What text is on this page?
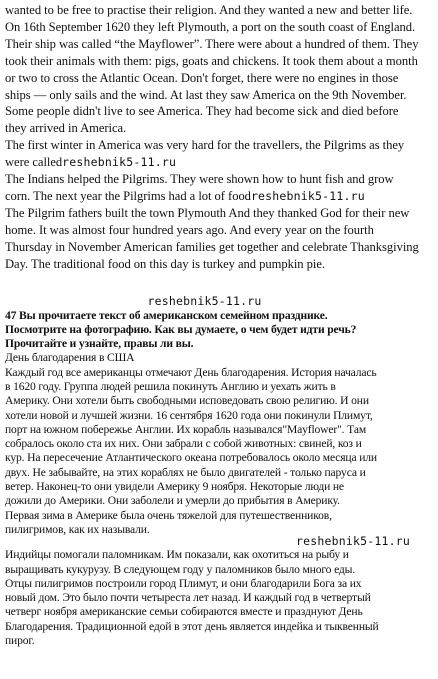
wanted to be free to practise their religion. And they wanted a new and better life.

On 16th September 1620 they left Plymouth, a port on the south coast of England.

Their ship was called “the Mayflower”. There were about a hundred of them. They

took their animals with them: pigs, goats and chickens. It took them about a month

or two to cross the Atlantic Ocean. Don't forget, there were no engines in those

ships — only sails and the wind. At last they saw America on the 9th November.

Some people didn't live to see America. They had become sick and died before

they arrived in America.

The first winter in America was very hard for the travellers, the Pilgrims as they

were calledreshebnik5-11.ru

The Indians helped the Pilgrims. They were shown how to hunt fish and grow

corn. The next year the Pilgrims had a lot of foodreshebnik5-11.ru

The Pilgrim fathers built the town Plymouth And they thanked God for their new

home. It was almost four hundred years ago. And every year on the fourth

Thursday in November American families get together and celebrate Thanksgiving

Day. The traditional food on this day is turkey and pumpkin pie.

reshebnik5-11.ru

47 Вы прочитаете текст об американском семейном празднике.

Посмотрите на фотографию. Как вы думаете, о чем будет идти речь?

Прочитайте и узнайте, правы ли вы.

День благодарения в США

Каждый год все американцы отмечают День благодарения. История началась

в 1620 году. Группа людей решила покинуть Англию и уехать жить в

Америку. Они хотели быть свободными исповедовать свою религию. И они

хотели новой и лучшей жизни. 16 сентября 1620 года они покинули Плимут,

порт на южном побережье Англии. Их корабль назывался"Mayflower". Там

собралось около ста их них. Они забрали с собой животных: свиней, коз и

кур. На пересечение Атлантического океана потребовалось около месяца или

двух. Не забывайте, на этих кораблях не было двигателей - только паруса и

ветер. Наконец-то они увидели Америку 9 ноября. Некоторые люди не

дожили до Америки. Они заболели и умерли до прибытия в Америку.

Первая зима в Америке была очень тяжелой для путешественников,

пилигримов, как их называли.

reshebnik5-11.ru

Индийцы помогали паломникам. Им показали, как охотиться на рыбу и

выращивать кукурузу. В следующем году у паломников было много еды.

Отцы пилигримов построили город Плимут, и они благодарили Бога за их

новый дом. Это было почти четыреста лет назад. И каждый год в четвертый

четверг ноября американские семьи собираются вместе и празднуют День

Благодарения. Традиционной едой в этот день является индейка и тыквенный

пирог.
